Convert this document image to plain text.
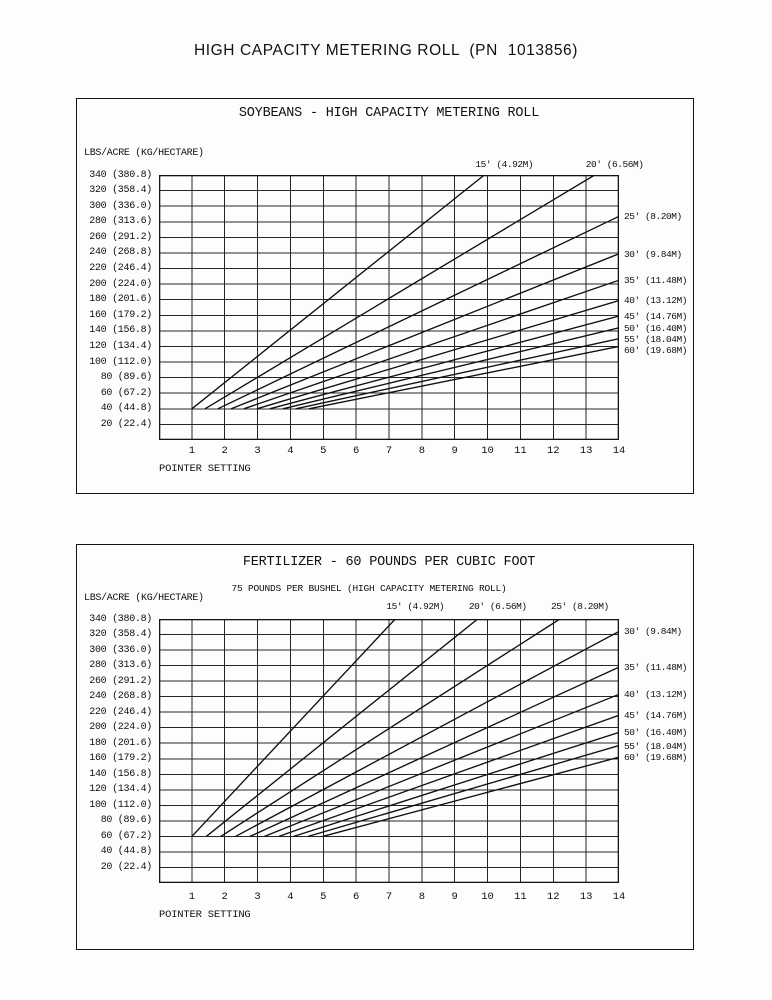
HIGH CAPACITY METERING ROLL  (PN  1013856)
SOYBEANS - HIGH CAPACITY METERING ROLL
FERTILIZER - 60 POUNDS PER CUBIC FOOT
75 POUNDS PER BUSHEL (HIGH CAPACITY METERING ROLL)
LBS/ACRE (KG/HECTARE)
LBS/ACRE (KG/HECTARE)
POINTER SETTING
POINTER SETTING
340 (380.8)
320 (358.4)
300 (336.0)
280 (313.6)
260 (291.2)
240 (268.8)
220 (246.4)
200 (224.0)
180 (201.6)
160 (179.2)
140 (156.8)
120 (134.4)
100 (112.0)
80 (89.6)
60 (67.2)
40 (44.8)
20 (22.4)
1	2	3	4	5	6	7	8	9 10 11 12 13 14
15' (4.92M)	20' (6.56M)
25' (8.20M)
30' (9.84M)
35' (11.48M)
40' (13.12M)
45' (14.76M)
50' (16.40M)
55' (18.04M)
60' (19.68M)
340 (380.8)
320 (358.4)
300 (336.0)
280 (313.6)
260 (291.2)
240 (268.8)
220 (246.4)
200 (224.0)
180 (201.6)
160 (179.2)
140 (156.8)
120 (134.4)
100 (112.0)
80 (89.6)
60 (67.2)
40 (44.8)
20 (22.4)
1	2	3	4	5	6	7	8	9 10 11 12 13 14
15' (4.92M)	20' (6.56M)	25' (8.20M)
30' (9.84M)
35' (11.48M)
40' (13.12M)
45' (14.76M)
50' (16.40M)
55' (18.04M)
60' (19.68M)
